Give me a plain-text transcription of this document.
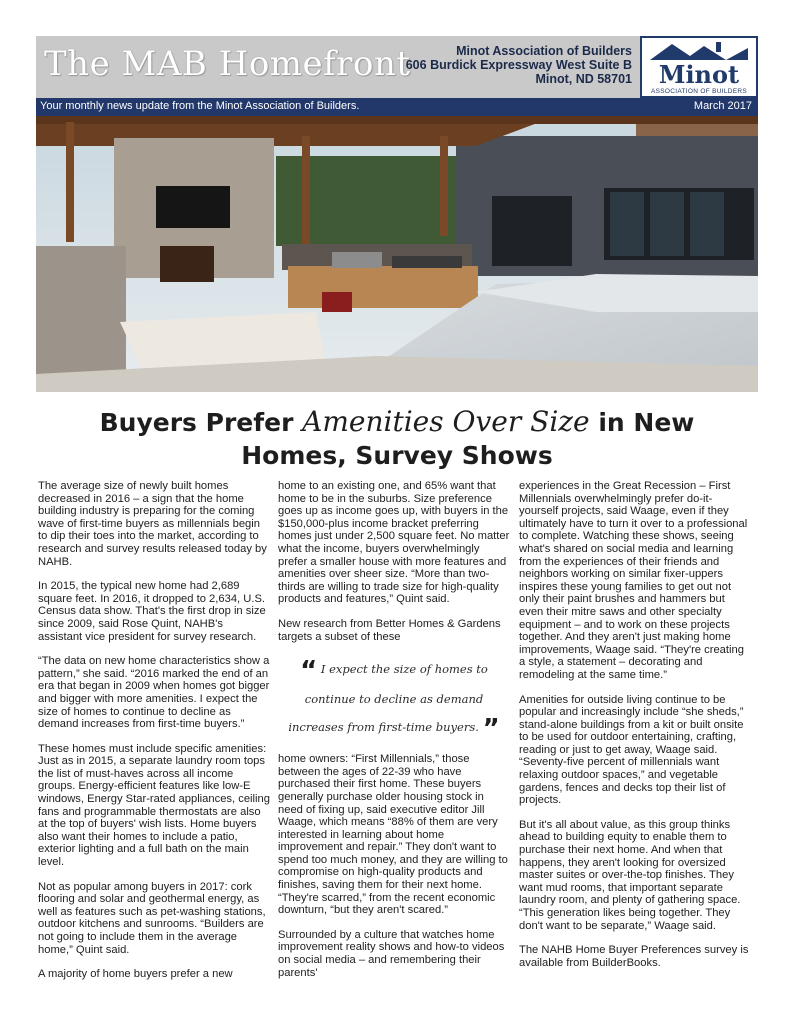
The MAB Homefront	Minot Association of Builders
606 Burdick Expressway West Suite B
Minot, ND 58701	Minot
ASSOCIATION OF BUILDERS
Your monthly news update from the Minot Association of Builders.	March 2017
Buyers Prefer Amenities Over Size in New
Homes, Survey Shows

The average size of newly built homes decreased in 2016 – a sign that the home building industry is preparing for the coming wave of first-time buyers as millennials begin to dip their toes into the market, according to research and survey results released today by NAHB.

In 2015, the typical new home had 2,689 square feet. In 2016, it dropped to 2,634, U.S. Census data show. That's the first drop in size since 2009, said Rose Quint, NAHB's assistant vice president for survey research.

“The data on new home characteristics show a pattern,” she said. “2016 marked the end of an era that began in 2009 when homes got bigger and bigger with more amenities. I expect the size of homes to continue to decline as demand increases from first-time buyers.”

These homes must include specific amenities: Just as in 2015, a separate laundry room tops the list of must-haves across all income groups. Energy-efficient features like low-E windows, Energy Star-rated appliances, ceiling fans and programmable thermostats are also at the top of buyers' wish lists. Home buyers also want their homes to include a patio, exterior lighting and a full bath on the main level.

Not as popular among buyers in 2017: cork flooring and solar and geothermal energy, as well as features such as pet-washing stations, outdoor kitchens and sunrooms. “Builders are not going to include them in the average home,” Quint said.

A majority of home buyers prefer a new

home to an existing one, and 65% want that home to be in the suburbs. Size preference goes up as income goes up, with buyers in the $150,000-plus income bracket preferring homes just under 2,500 square feet. No matter what the income, buyers overwhelmingly prefer a smaller house with more features and amenities over sheer size. “More than two-thirds are willing to trade size for high-quality products and features,” Quint said.

New research from Better Homes & Gardens targets a subset of these

“ I expect the size of homes to continue to decline as demand increases from first-time buyers. ”

home owners: “First Millennials,” those between the ages of 22-39 who have purchased their first home. These buyers generally purchase older housing stock in need of fixing up, said executive editor Jill Waage, which means “88% of them are very interested in learning about home improvement and repair.” They don't want to spend too much money, and they are willing to compromise on high-quality products and finishes, saving them for their next home. “They're scarred,” from the recent economic downturn, “but they aren't scared.”

Surrounded by a culture that watches home improvement reality shows and how-to videos on social media – and remembering their parents'

experiences in the Great Recession – First Millennials overwhelmingly prefer do-it-yourself projects, said Waage, even if they ultimately have to turn it over to a professional to complete. Watching these shows, seeing what's shared on social media and learning from the experiences of their friends and neighbors working on similar fixer-uppers inspires these young families to get out not only their paint brushes and hammers but even their mitre saws and other specialty equipment – and to work on these projects together. And they aren't just making home improvements, Waage said. “They're creating a style, a statement – decorating and remodeling at the same time.”

Amenities for outside living continue to be popular and increasingly include “she sheds,” stand-alone buildings from a kit or built onsite to be used for outdoor entertaining, crafting, reading or just to get away, Waage said. “Seventy-five percent of millennials want relaxing outdoor spaces,” and vegetable gardens, fences and decks top their list of projects.

But it's all about value, as this group thinks ahead to building equity to enable them to purchase their next home. And when that happens, they aren't looking for oversized master suites or over-the-top finishes. They want mud rooms, that important separate laundry room, and plenty of gathering space. “This generation likes being together. They don't want to be separate,” Waage said.

The NAHB Home Buyer Preferences survey is available from BuilderBooks.
